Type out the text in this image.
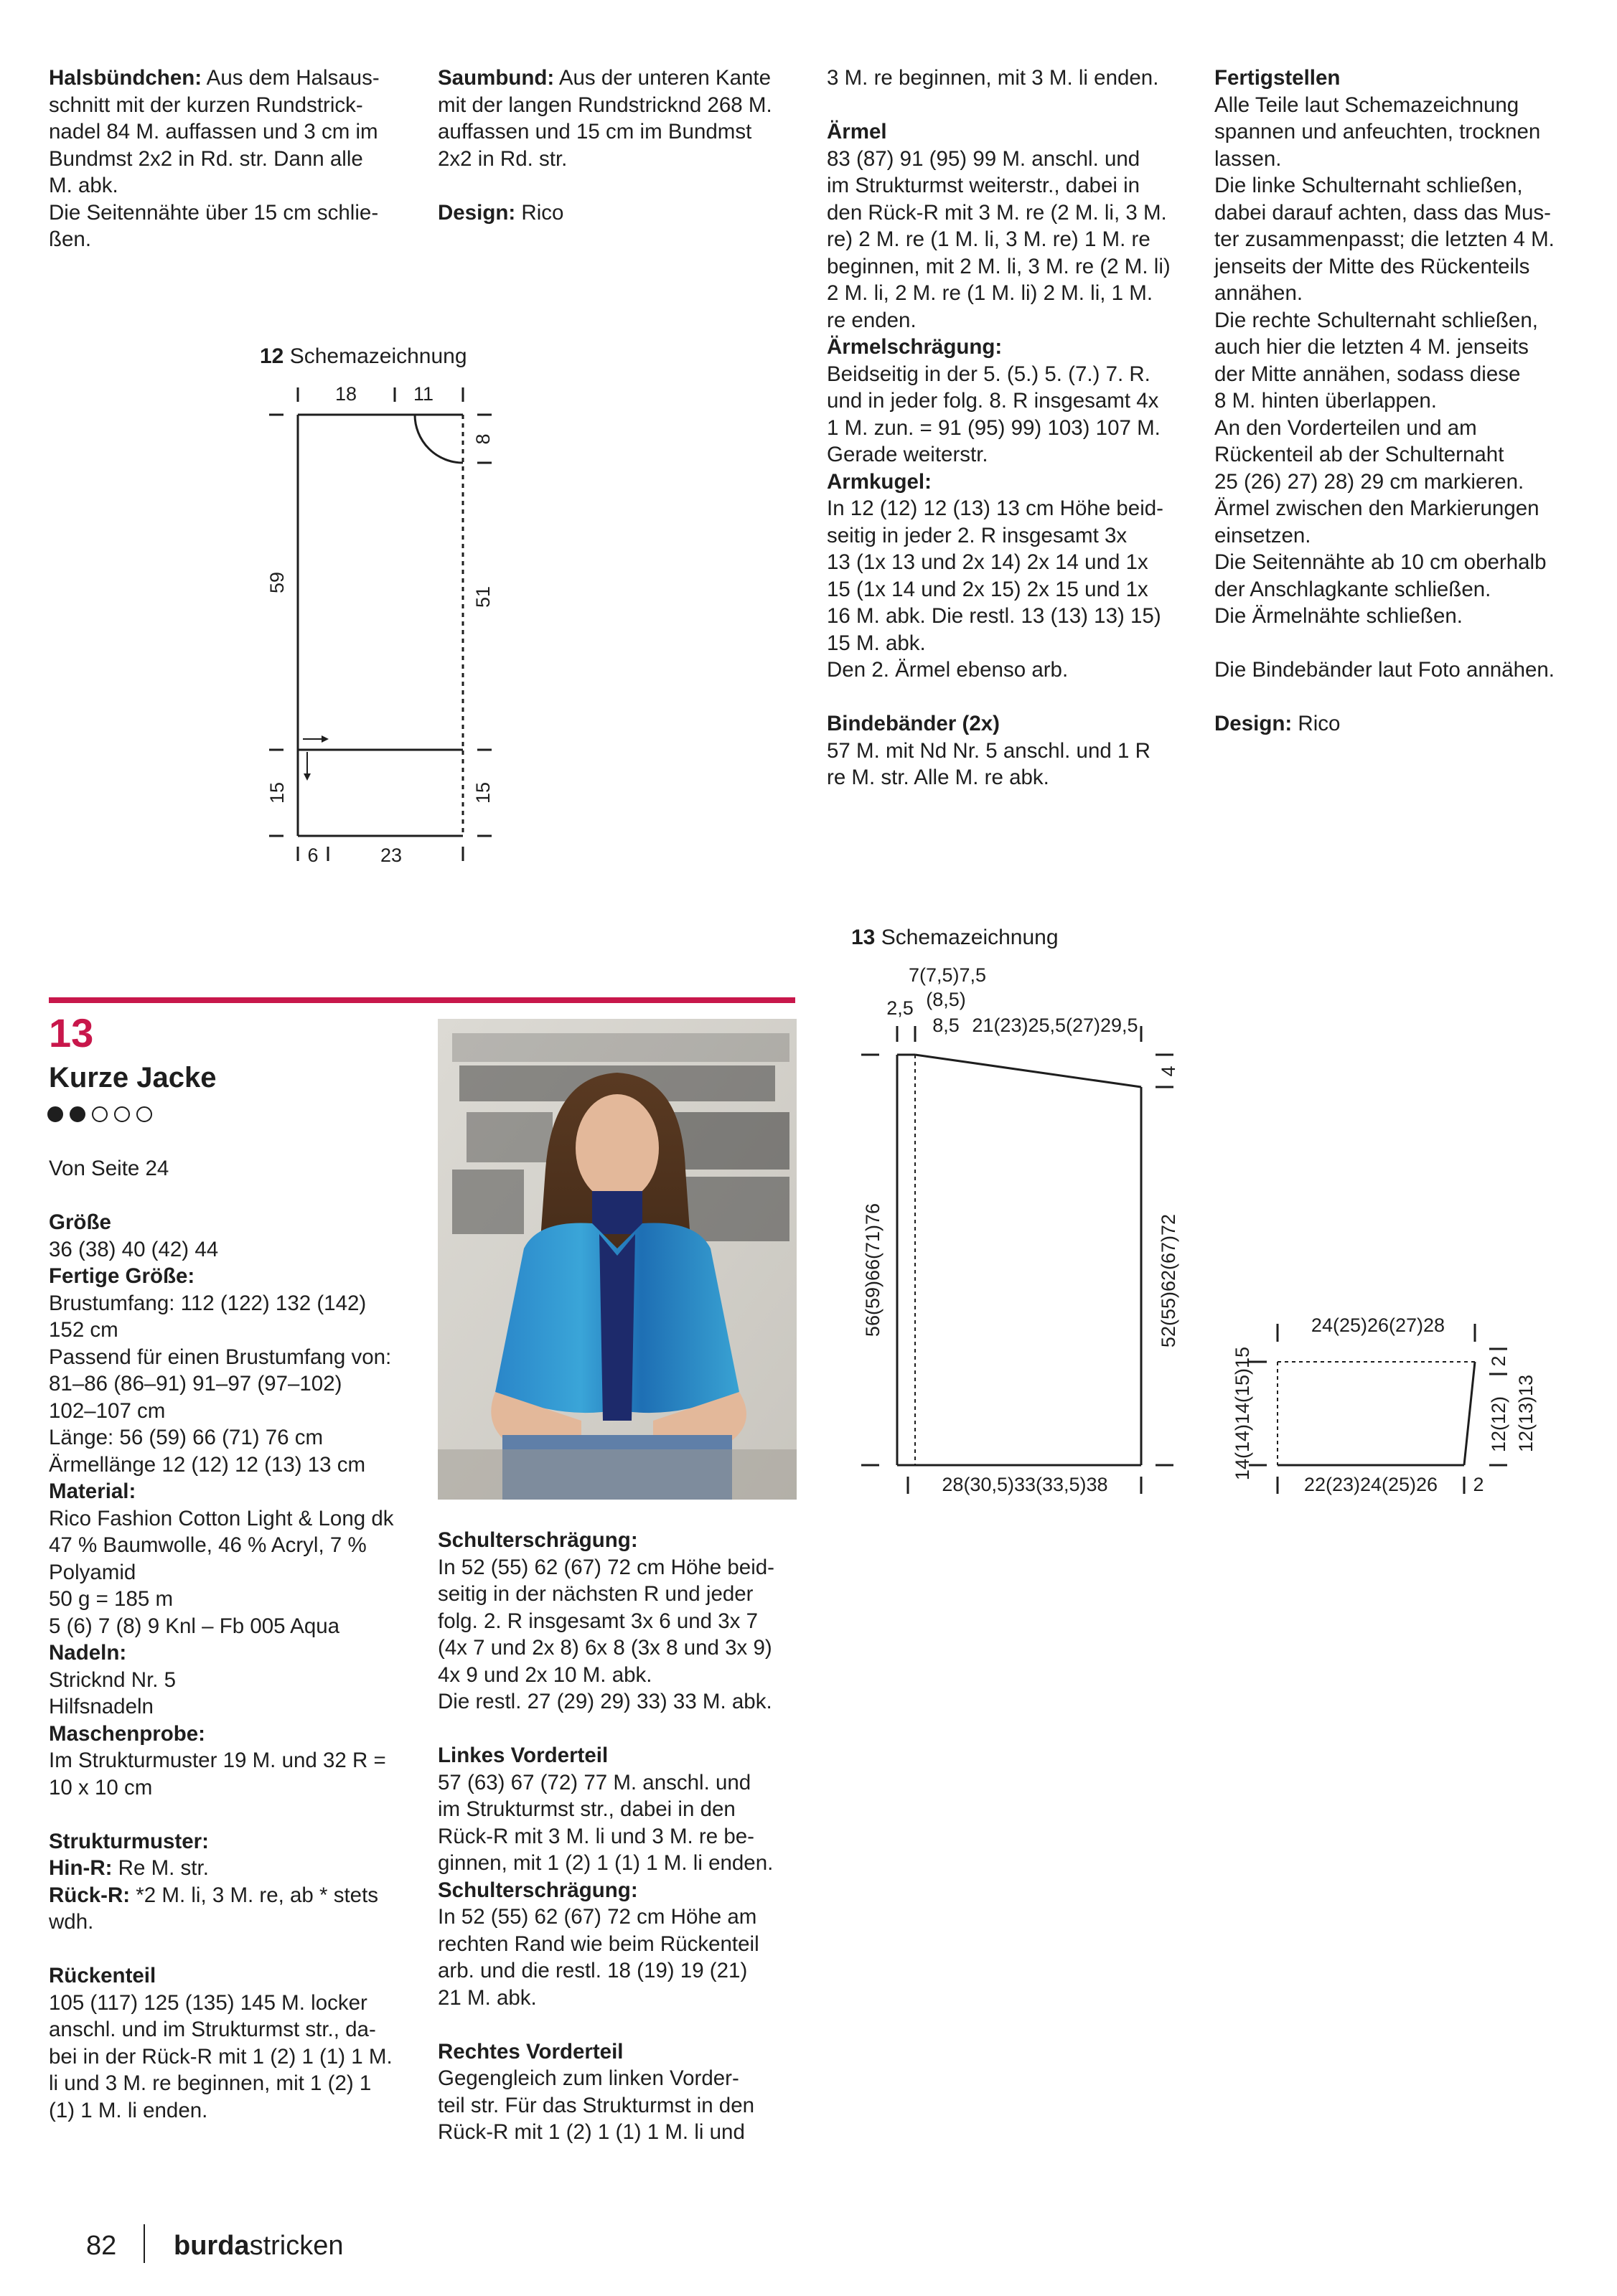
Halsbündchen: Aus dem Halsaus-

schnitt mit der kurzen Rundstrick-

nadel 84 M. auffassen und 3 cm im

Bundmst 2x2 in Rd. str. Dann alle

M. abk.

Die Seitennähte über 15 cm schlie-

ßen.

Saumbund: Aus der unteren Kante

mit der langen Rundstricknd 268 M.

auffassen und 15 cm im Bundmst

2x2 in Rd. str.

Design: Rico

3 M. re beginnen, mit 3 M. li enden.

Ärmel

83 (87) 91 (95) 99 M. anschl. und

im Strukturmst weiterstr., dabei in

den Rück-R mit 3 M. re (2 M. li, 3 M.

re) 2 M. re (1 M. li, 3 M. re) 1 M. re

beginnen, mit 2 M. li, 3 M. re (2 M. li)

2 M. li, 2 M. re (1 M. li) 2 M. li, 1 M.

re enden.

Ärmelschrägung:

Beidseitig in der 5. (5.) 5. (7.) 7. R.

und in jeder folg. 8. R insgesamt 4x

1 M. zun. = 91 (95) 99) 103) 107 M.

Gerade weiterstr.

Armkugel:

In 12 (12) 12 (13) 13 cm Höhe beid-

seitig in jeder 2. R insgesamt 3x

13 (1x 13 und 2x 14) 2x 14 und 1x

15 (1x 14 und 2x 15) 2x 15 und 1x

16 M. abk. Die restl. 13 (13) 13) 15)

15 M. abk.

Den 2. Ärmel ebenso arb.

Bindebänder (2x)

57 M. mit Nd Nr. 5 anschl. und 1 R

re M. str. Alle M. re abk.

Fertigstellen

Alle Teile laut Schemazeichnung

spannen und anfeuchten, trocknen

lassen.

Die linke Schulternaht schließen,

dabei darauf achten, dass das Mus-

ter zusammenpasst; die letzten 4 M.

jenseits der Mitte des Rückenteils

annähen.

Die rechte Schulternaht schließen,

auch hier die letzten 4 M. jenseits

der Mitte annähen, sodass diese

8 M. hinten überlappen.

An den Vorderteilen und am

Rückenteil ab der Schulternaht

25 (26) 27) 28) 29 cm markieren.

Ärmel zwischen den Markierungen

einsetzen.

Die Seitennähte ab 10 cm oberhalb

der Anschlagkante schließen.

Die Ärmelnähte schließen.

Die Bindebänder laut Foto annähen.

Design: Rico

12 Schemazeichnung
18	11
8
59
51
15	15
6	23
13
Kurze Jacke

Von Seite 24

Größe

36 (38) 40 (42) 44

Fertige Größe:

Brustumfang: 112 (122) 132 (142)

152 cm

Passend für einen Brustumfang von:

81–86 (86–91) 91–97 (97–102)

102–107 cm

Länge: 56 (59) 66 (71) 76 cm

Ärmellänge 12 (12) 12 (13) 13 cm

Material:

Rico Fashion Cotton Light & Long dk

47 % Baumwolle, 46 % Acryl, 7 %

Polyamid

50 g = 185 m

5 (6) 7 (8) 9 Knl – Fb 005 Aqua

Nadeln:

Stricknd Nr. 5

Hilfsnadeln

Maschenprobe:

Im Strukturmuster 19 M. und 32 R =

10 x 10 cm

Strukturmuster:

Hin-R: Re M. str.

Rück-R: *2 M. li, 3 M. re, ab * stets

wdh.

Rückenteil

105 (117) 125 (135) 145 M. locker

anschl. und im Strukturmst str., da-

bei in der Rück-R mit 1 (2) 1 (1) 1 M.

li und 3 M. re beginnen, mit 1 (2) 1

(1) 1 M. li enden.

Schulterschrägung:

In 52 (55) 62 (67) 72 cm Höhe beid-

seitig in der nächsten R und jeder

folg. 2. R insgesamt 3x 6 und 3x 7

(4x 7 und 2x 8) 6x 8 (3x 8 und 3x 9)

4x 9 und 2x 10 M. abk.

Die restl. 27 (29) 29) 33) 33 M. abk.

Linkes Vorderteil

57 (63) 67 (72) 77 M. anschl. und

im Strukturmst str., dabei in den

Rück-R mit 3 M. li und 3 M. re be-

ginnen, mit 1 (2) 1 (1) 1 M. li enden.

Schulterschrägung:

In 52 (55) 62 (67) 72 cm Höhe am

rechten Rand wie beim Rückenteil

arb. und die restl. 18 (19) 19 (21)

21 M. abk.

Rechtes Vorderteil

Gegengleich zum linken Vorder-

teil str. Für das Strukturmst in den

Rück-R mit 1 (2) 1 (1) 1 M. li und

13 Schemazeichnung
7(7,5)7,5
(8,5)
2,5
8,5 21(23)25,5(27)29,5
4
56(59)66(71)76	52(55)62(67)72
28(30,5)33(33,5)38
24(25)26(27)28
14(14)14(15)15	2
12(12) 12(13)13
22(23)24(25)26 2
82 burdastricken
